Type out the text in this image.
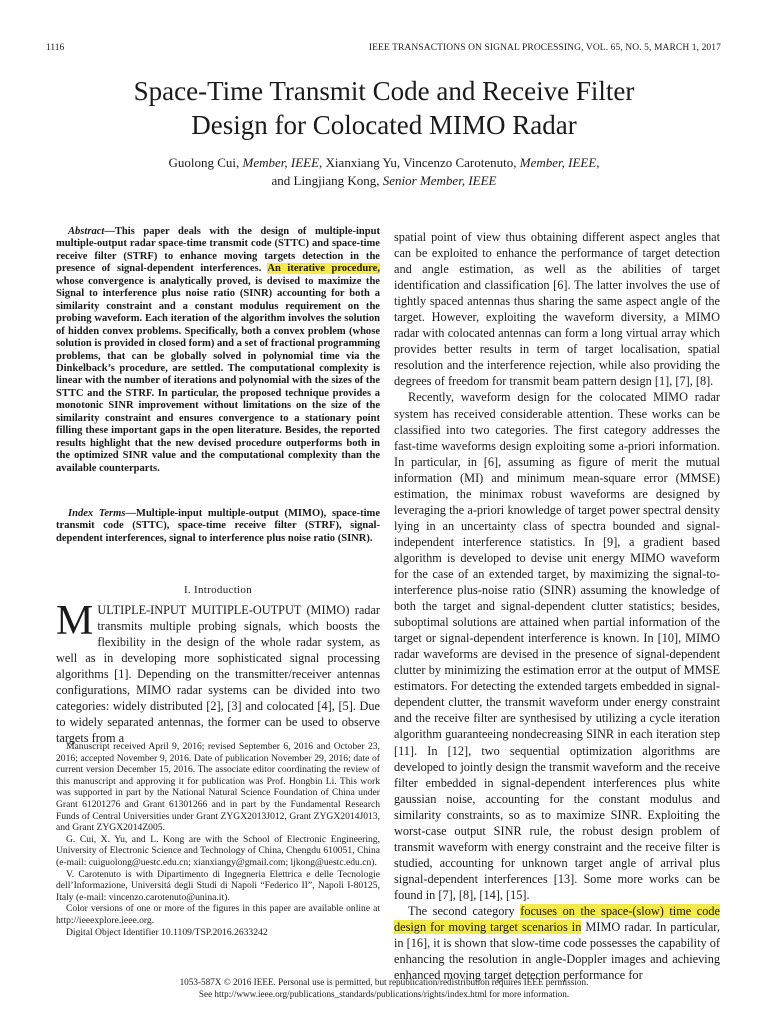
1116	IEEE TRANSACTIONS ON SIGNAL PROCESSING, VOL. 65, NO. 5, MARCH 1, 2017
Space-Time Transmit Code and Receive Filter
Design for Colocated MIMO Radar
Guolong Cui, Member, IEEE, Xianxiang Yu, Vincenzo Carotenuto, Member, IEEE,
and Lingjiang Kong, Senior Member, IEEE

Abstract—This paper deals with the design of multiple-input multiple-output radar space-time transmit code (STTC) and space-time receive filter (STRF) to enhance moving targets detection in the presence of signal-dependent interferences. An iterative procedure, whose convergence is analytically proved, is devised to maximize the Signal to interference plus noise ratio (SINR) accounting for both a similarity constraint and a constant modulus requirement on the probing waveform. Each iteration of the algorithm involves the solution of hidden convex problems. Specifically, both a convex problem (whose solution is provided in closed form) and a set of fractional programming problems, that can be globally solved in polynomial time via the Dinkelback’s procedure, are settled. The computational complexity is linear with the number of iterations and polynomial with the sizes of the STTC and the STRF. In particular, the proposed technique provides a monotonic SINR improvement without limitations on the size of the similarity constraint and ensures convergence to a stationary point filling these important gaps in the open literature. Besides, the reported results highlight that the new devised procedure outperforms both in the optimized SINR value and the computational complexity than the available counterparts.

Index Terms—Multiple-input multiple-output (MIMO), space-time transmit code (STTC), space-time receive filter (STRF), signal-dependent interferences, signal to interference plus noise ratio (SINR).

I. Introduction
MULTIPLE-INPUT MUITIPLE-OUTPUT (MIMO) radar transmits multiple probing signals, which boosts the flexibility in the design of the whole radar system, as well as in developing more sophisticated signal processing algorithms [1]. Depending on the transmitter/receiver antennas configurations, MIMO radar systems can be divided into two categories: widely distributed [2], [3] and colocated [4], [5]. Due to widely separated antennas, the former can be used to observe targets from a

Manuscript received April 9, 2016; revised September 6, 2016 and October 23, 2016; accepted November 9, 2016. Date of publication November 29, 2016; date of current version December 15, 2016. The associate editor coordinating the review of this manuscript and approving it for publication was Prof. Hongbin Li. This work was supported in part by the National Natural Science Foundation of China under Grant 61201276 and Grant 61301266 and in part by the Fundamental Research Funds of Central Universities under Grant ZYGX2013J012, Grant ZYGX2014J013, and Grant ZYGX2014Z005.

G. Cui, X. Yu, and L. Kong are with the School of Electronic Engineering, University of Electronic Science and Technology of China, Chengdu 610051, China (e-mail: cuiguolong@uestc.edu.cn; xianxiangy@gmail.com; ljkong@uestc.edu.cn).

V. Carotenuto is with Dipartimento di Ingegneria Elettrica e delle Tecnologie dell’Informazione, Universitá degli Studi di Napoli “Federico II”, Napoli I-80125, Italy (e-mail: vincenzo.carotenuto@unina.it).

Color versions of one or more of the figures in this paper are available online at http://ieeexplore.ieee.org.

Digital Object Identifier 10.1109/TSP.2016.2633242

spatial point of view thus obtaining different aspect angles that can be exploited to enhance the performance of target detection and angle estimation, as well as the abilities of target identification and classification [6]. The latter involves the use of tightly spaced antennas thus sharing the same aspect angle of the target. However, exploiting the waveform diversity, a MIMO radar with colocated antennas can form a long virtual array which provides better results in term of target localisation, spatial resolution and the interference rejection, while also providing the degrees of freedom for transmit beam pattern design [1], [7], [8].

Recently, waveform design for the colocated MIMO radar system has received considerable attention. These works can be classified into two categories. The first category addresses the fast-time waveforms design exploiting some a-priori information. In particular, in [6], assuming as figure of merit the mutual information (MI) and minimum mean-square error (MMSE) estimation, the minimax robust waveforms are designed by leveraging the a-priori knowledge of target power spectral density lying in an uncertainty class of spectra bounded and signal-independent interference statistics. In [9], a gradient based algorithm is developed to devise unit energy MIMO waveform for the case of an extended target, by maximizing the signal-to-interference plus-noise ratio (SINR) assuming the knowledge of both the target and signal-dependent clutter statistics; besides, suboptimal solutions are attained when partial information of the target or signal-dependent interference is known. In [10], MIMO radar waveforms are devised in the presence of signal-dependent clutter by minimizing the estimation error at the output of MMSE estimators. For detecting the extended targets embedded in signal-dependent clutter, the transmit waveform under energy constraint and the receive filter are synthesised by utilizing a cycle iteration algorithm guaranteeing nondecreasing SINR in each iteration step [11]. In [12], two sequential optimization algorithms are developed to jointly design the transmit waveform and the receive filter embedded in signal-dependent interferences plus white gaussian noise, accounting for the constant modulus and similarity constraints, so as to maximize SINR. Exploiting the worst-case output SINR rule, the robust design problem of transmit waveform with energy constraint and the receive filter is studied, accounting for unknown target angle of arrival plus signal-dependent interferences [13]. Some more works can be found in [7], [8], [14], [15].

The second category focuses on the space-(slow) time code design for moving target scenarios in MIMO radar. In particular, in [16], it is shown that slow-time code possesses the capability of enhancing the resolution in angle-Doppler images and achieving enhanced moving target detection performance for

1053-587X © 2016 IEEE. Personal use is permitted, but republication/redistribution requires IEEE permission.
See http://www.ieee.org/publications_standards/publications/rights/index.html for more information.
